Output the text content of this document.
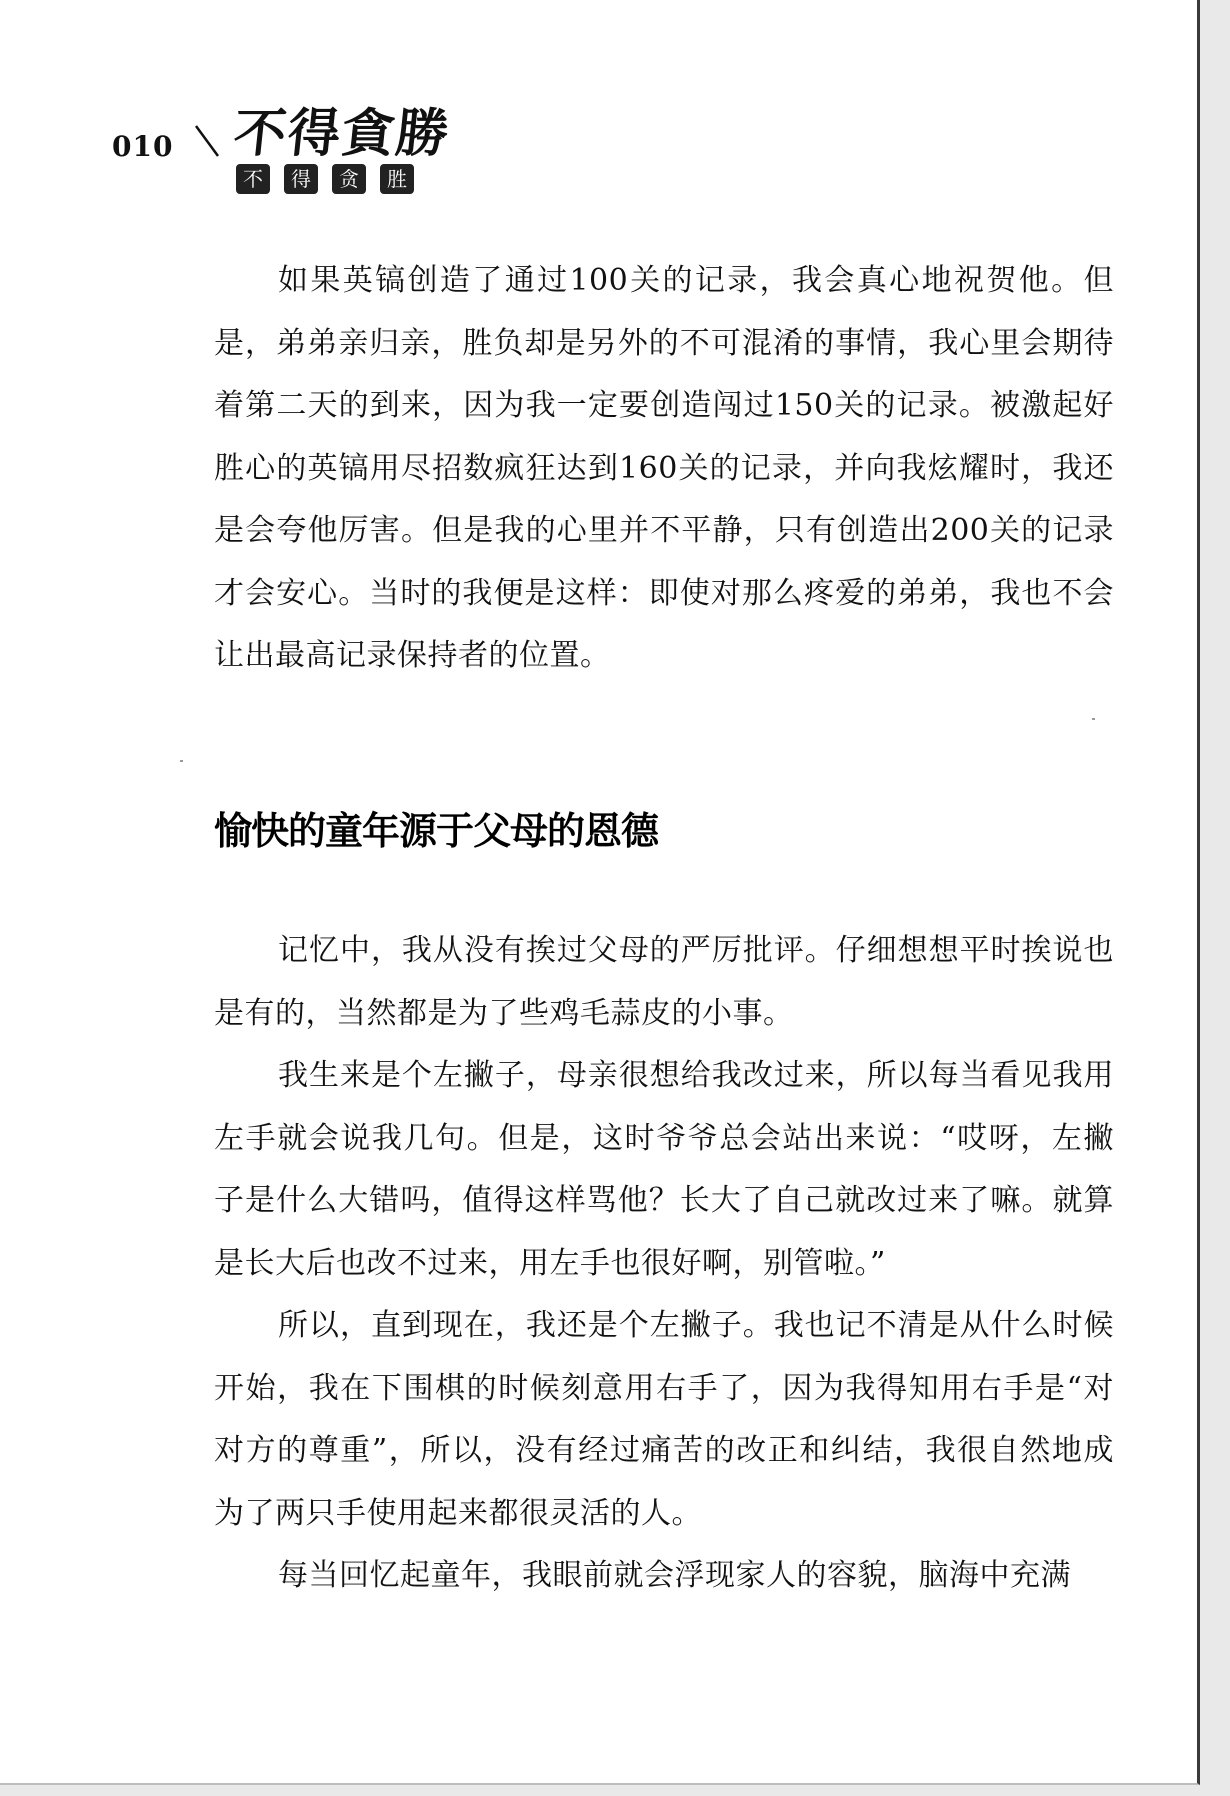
010 不得貪勝
不	得	贪	胜

如果英镐创造了通过100关的记录，我会真心地祝贺他。但是，弟弟亲归亲，胜负却是另外的不可混淆的事情，我心里会期待着第二天的到来，因为我一定要创造闯过150关的记录。被激起好胜心的英镐用尽招数疯狂达到160关的记录，并向我炫耀时，我还是会夸他厉害。但是我的心里并不平静，只有创造出200关的记录才会安心。当时的我便是这样：即使对那么疼爱的弟弟，我也不会让出最高记录保持者的位置。

愉快的童年源于父母的恩德

记忆中，我从没有挨过父母的严厉批评。仔细想想平时挨说也是有的，当然都是为了些鸡毛蒜皮的小事。

我生来是个左撇子，母亲很想给我改过来，所以每当看见我用左手就会说我几句。但是，这时爷爷总会站出来说：“哎呀，左撇子是什么大错吗，值得这样骂他？长大了自己就改过来了嘛。就算是长大后也改不过来，用左手也很好啊，别管啦。”

所以，直到现在，我还是个左撇子。我也记不清是从什么时候开始，我在下围棋的时候刻意用右手了，因为我得知用右手是“对对方的尊重”，所以，没有经过痛苦的改正和纠结，我很自然地成为了两只手使用起来都很灵活的人。

每当回忆起童年，我眼前就会浮现家人的容貌，脑海中充满
